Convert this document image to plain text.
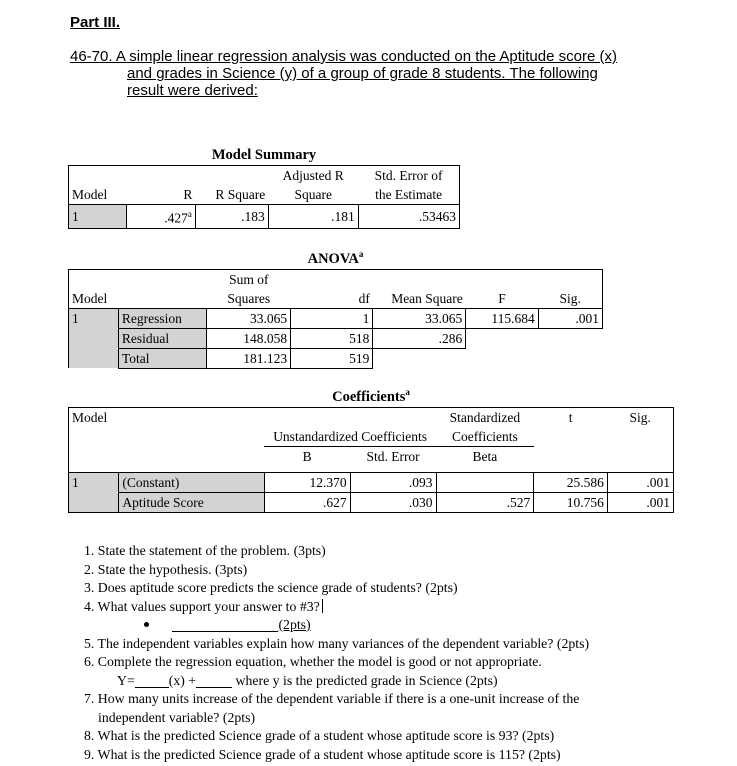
Part III.
46-70. A simple linear regression analysis was conducted on the Aptitude score (x)
and grades in Science (y) of a group of grade 8 students. The following
result were derived:
Model Summary				
			Adjusted R	Std. Error of
Model	R	R Square	Square	the Estimate
1	.427$^a$	.183	.181	.53463
ANOVA$^a$
		Sum of				
Model		Squares	df	Mean Square	F	Sig.
1	Regression	33.065	1	33.065	115.684	.001
	Residual	148.058	518	.286		
	Total	181.123	519			
Coefficients$^a$
Model				Standardized	t	Sig.
		Unstandardized Coefficients		Coefficients		
		B	Std. Error	Beta		

1	(Constant)	12.370	.093		25.586	.001
	Aptitude Score	.627	.030	.527	10.756	.001
1. State the statement of the problem. (3pts)
2. State the hypothesis. (3pts)
3. Does aptitude score predicts the science grade of students? (2pts)
4. What values support your answer to #3?
(2pts)
5. The independent variables explain how many variances of the dependent variable? (2pts)
6. Complete the regression equation, whether the model is good or not appropriate.
Y= (x) +	where y is the predicted grade in Science (2pts)
7. How many units increase of the dependent variable if there is a one-unit increase of the
independent variable? (2pts)
8. What is the predicted Science grade of a student whose aptitude score is 93? (2pts)
9. What is the predicted Science grade of a student whose aptitude score is 115? (2pts)
